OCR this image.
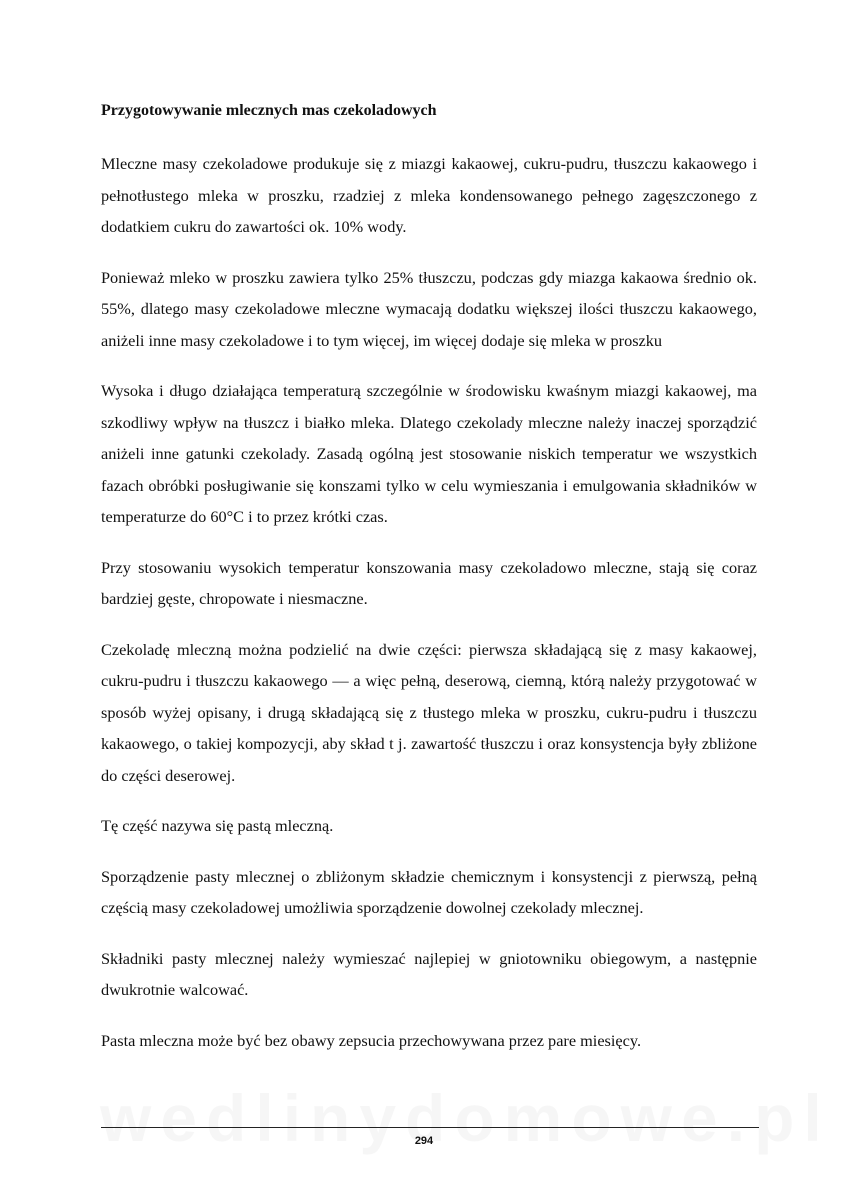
Przygotowywanie mlecznych mas czekoladowych

Mleczne masy czekoladowe produkuje się z miazgi kakaowej, cukru-pudru, tłuszczu kakaowego i pełnotłustego mleka w proszku, rzadziej z mleka kondensowanego pełnego zagęszczonego z dodatkiem cukru do zawartości ok. 10% wody.

Ponieważ mleko w proszku zawiera tylko 25% tłuszczu, podczas gdy miazga kakaowa średnio ok. 55%, dlatego masy czekoladowe mleczne wymacają dodatku większej ilości tłuszczu kakaowego, aniżeli inne masy czekoladowe i to tym więcej, im więcej dodaje się mleka w proszku

Wysoka i długo działająca temperaturą szczególnie w środowisku kwaśnym miazgi kakaowej, ma szkodliwy wpływ na tłuszcz i białko mleka. Dlatego czekolady mleczne należy inaczej sporządzić aniżeli inne gatunki czekolady. Zasadą ogólną jest stosowanie niskich temperatur we wszystkich fazach obróbki posługiwanie się konszami tylko w celu wymieszania i emulgowania składników w temperaturze do 60°C i to przez krótki czas.

Przy stosowaniu wysokich temperatur konszowania masy czekoladowo mleczne, stają się coraz bardziej gęste, chropowate i niesmaczne.

Czekoladę mleczną można podzielić na dwie części: pierwsza składającą się z masy kakaowej, cukru-pudru i tłuszczu kakaowego — a więc pełną, deserową, ciemną, którą należy przygotować w sposób wyżej opisany, i drugą składającą się z tłustego mleka w proszku, cukru-pudru i tłuszczu kakaowego, o takiej kompozycji, aby skład t j. zawartość tłuszczu i oraz konsystencja były zbliżone do części deserowej.

Tę część nazywa się pastą mleczną.

Sporządzenie pasty mlecznej o zbliżonym składzie chemicznym i konsystencji z pierwszą, pełną częścią masy czekoladowej umożliwia sporządzenie dowolnej czekolady mlecznej.

Składniki pasty mlecznej należy wymieszać najlepiej w gniotowniku obiegowym, a następnie dwukrotnie walcować.

Pasta mleczna może być bez obawy zepsucia przechowywana przez pare miesięcy.

294
